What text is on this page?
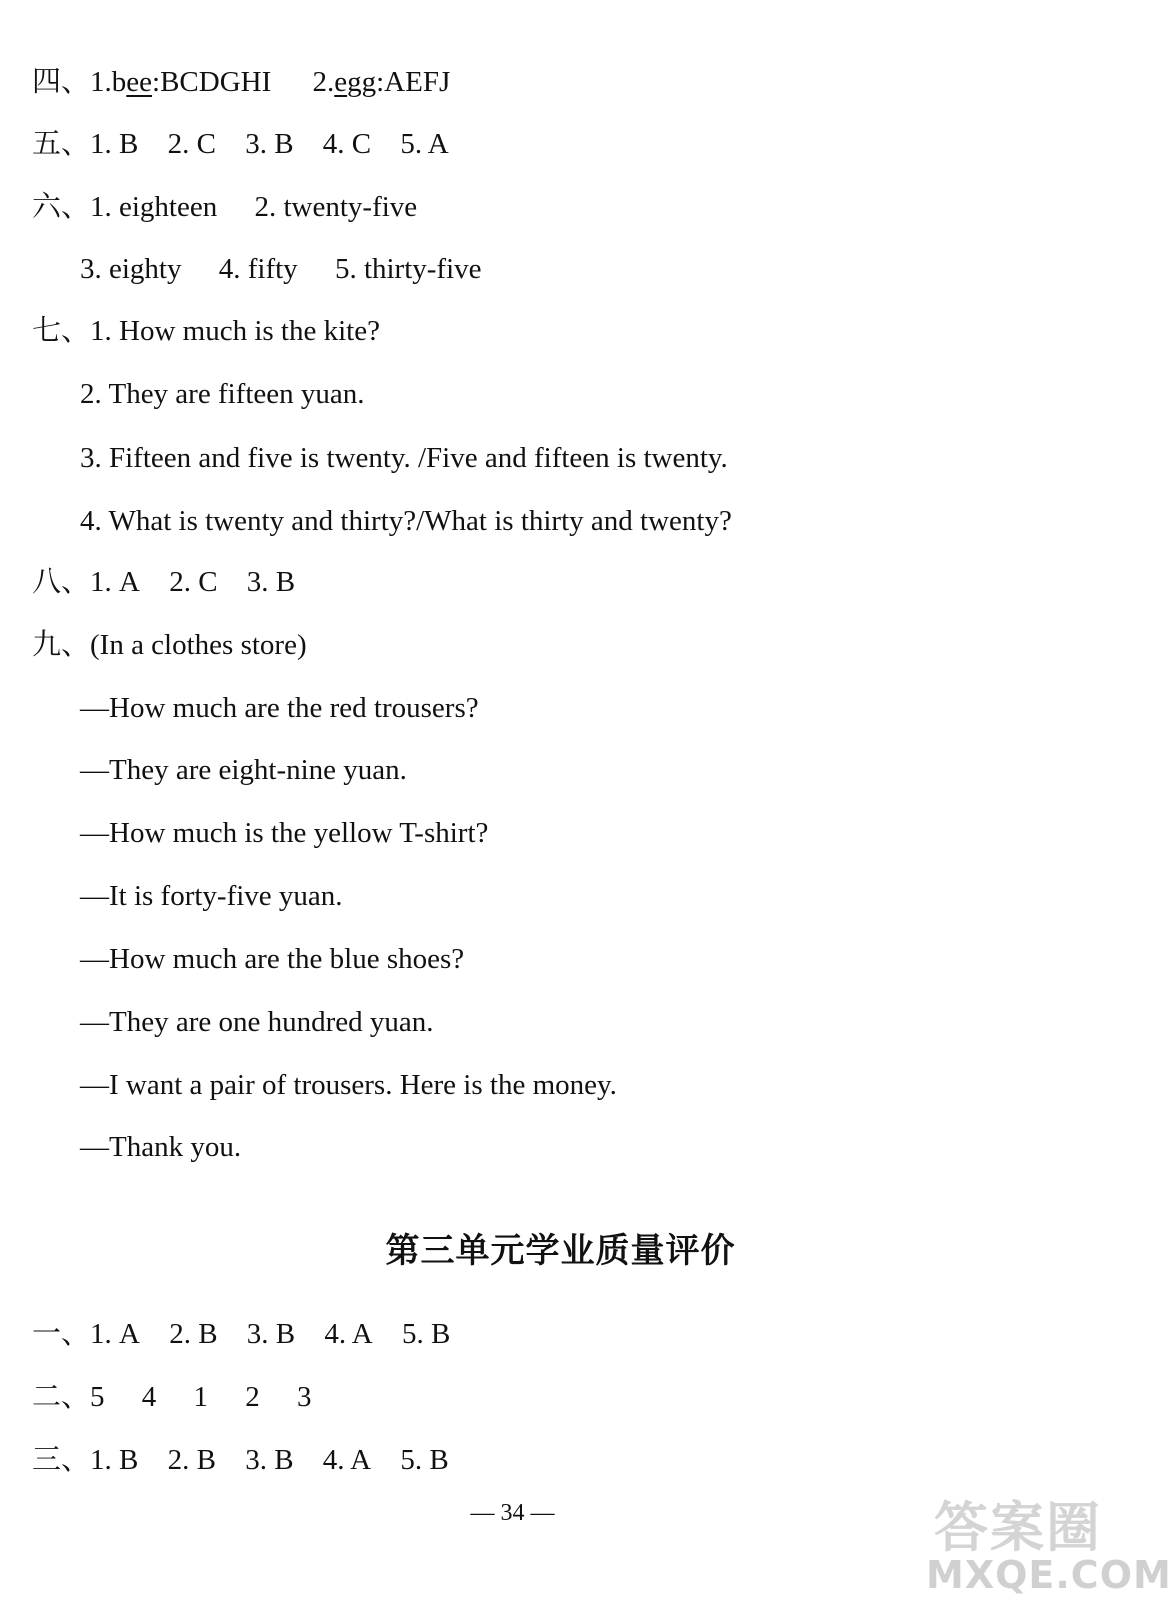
四、1.bee:BCDGHI 2.egg:AEFJ
五、1. B 2. C 3. B 4. C 5. A
六、1. eighteen 2. twenty-five
3. eighty 4. fifty 5. thirty-five
七、1. How much is the kite?
2. They are fifteen yuan.
3. Fifteen and five is twenty. /Five and fifteen is twenty.
4. What is twenty and thirty?/What is thirty and twenty?
八、1. A 2. C 3. B
九、(In a clothes store)
—How much are the red trousers?
—They are eight-nine yuan.
—How much is the yellow T-shirt?
—It is forty-five yuan.
—How much are the blue shoes?
—They are one hundred yuan.
—I want a pair of trousers. Here is the money.
—Thank you.
第三单元学业质量评价
一、1. A 2. B 3. B 4. A 5. B
二、5 4 1 2 3
三、1. B 2. B 3. B 4. A 5. B
— 34 —	答案圈
MXQE.COM
